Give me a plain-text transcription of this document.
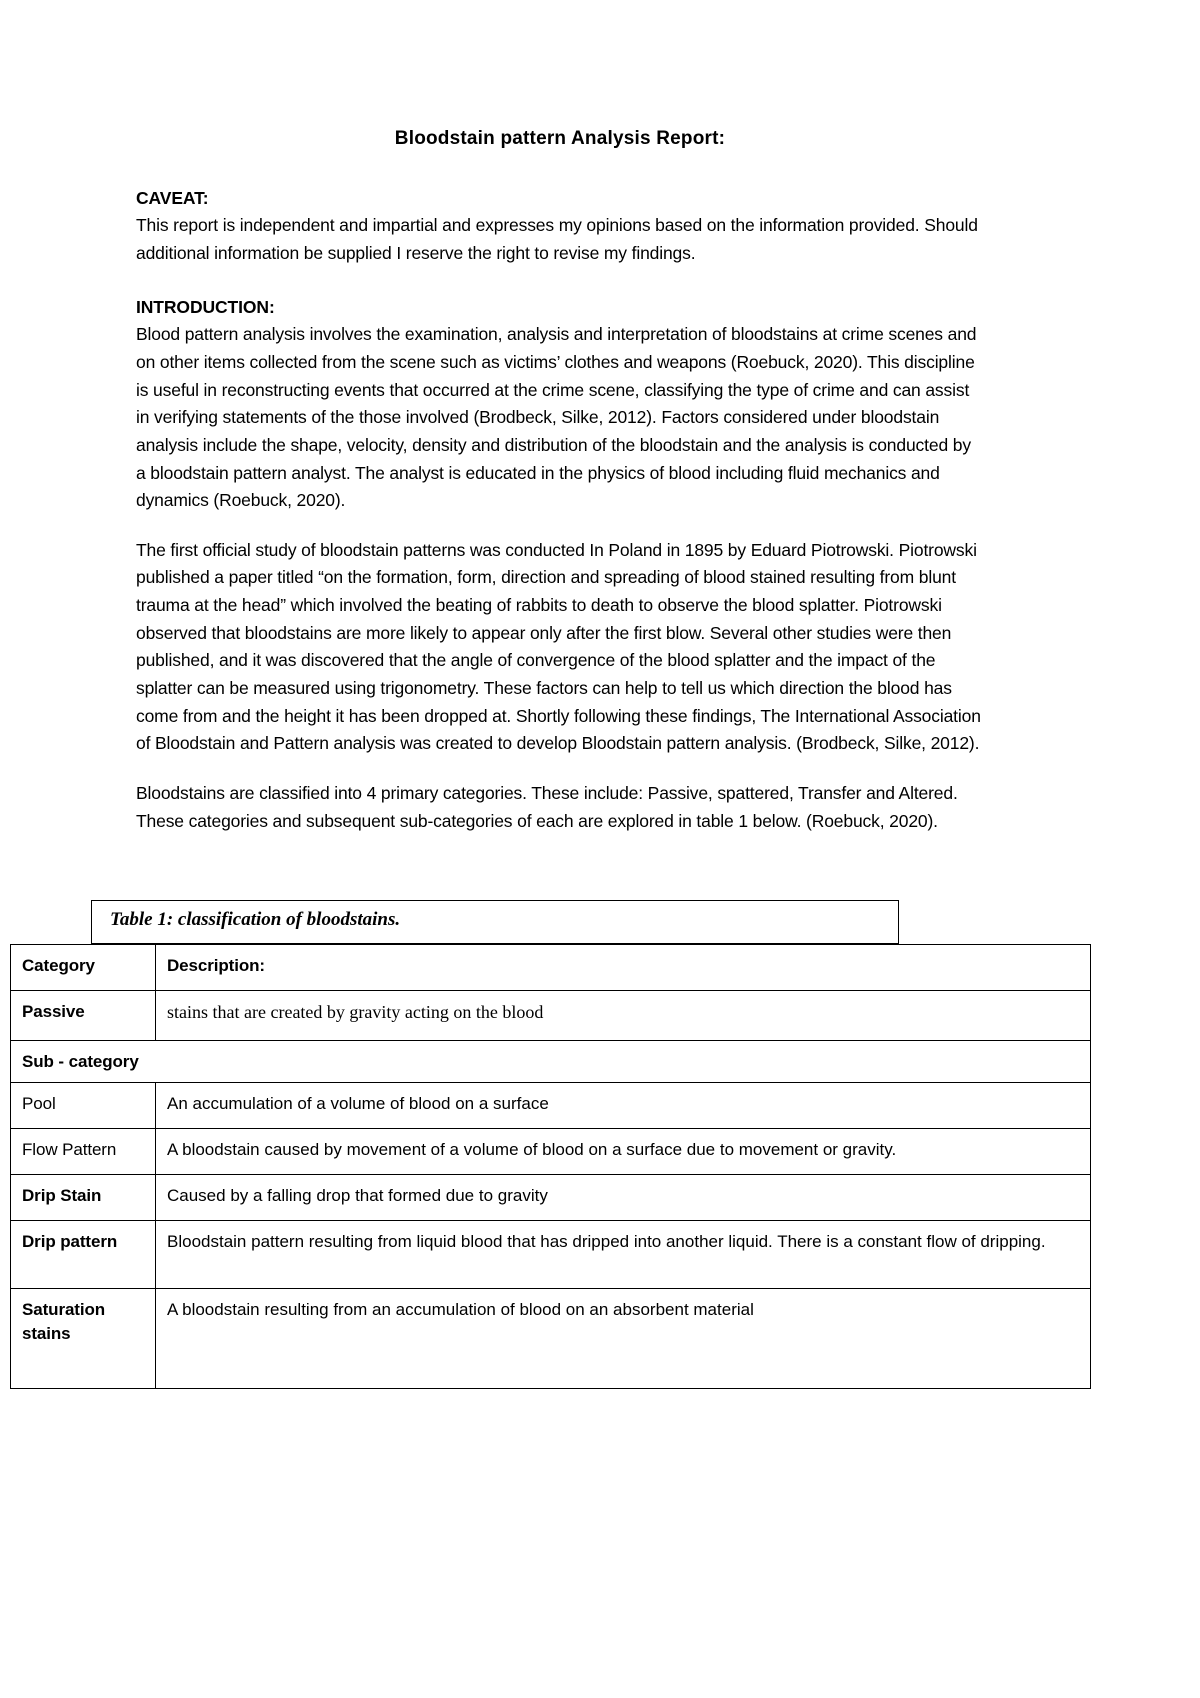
Bloodstain pattern Analysis Report:
CAVEAT:
This report is independent and impartial and expresses my opinions based on the information provided. Should additional information be supplied I reserve the right to revise my findings.
INTRODUCTION:
Blood pattern analysis involves the examination, analysis and interpretation of bloodstains at crime scenes and on other items collected from the scene such as victims’ clothes and weapons (Roebuck, 2020). This discipline is useful in reconstructing events that occurred at the crime scene, classifying the type of crime and can assist in verifying statements of the those involved (Brodbeck, Silke, 2012). Factors considered under bloodstain analysis include the shape, velocity, density and distribution of the bloodstain and the analysis is conducted by a bloodstain pattern analyst. The analyst is educated in the physics of blood including fluid mechanics and dynamics (Roebuck, 2020).
The first official study of bloodstain patterns was conducted In Poland in 1895 by Eduard Piotrowski. Piotrowski published a paper titled “on the formation, form, direction and spreading of blood stained resulting from blunt trauma at the head” which involved the beating of rabbits to death to observe the blood splatter. Piotrowski observed that bloodstains are more likely to appear only after the first blow. Several other studies were then published, and it was discovered that the angle of convergence of the blood splatter and the impact of the splatter can be measured using trigonometry. These factors can help to tell us which direction the blood has come from and the height it has been dropped at. Shortly following these findings, The International Association of Bloodstain and Pattern analysis was created to develop Bloodstain pattern analysis. (Brodbeck, Silke, 2012).
Bloodstains are classified into 4 primary categories. These include: Passive, spattered, Transfer and Altered. These categories and subsequent sub-categories of each are explored in table 1 below. (Roebuck, 2020).
Table 1: classification of bloodstains.
Category	Description:
Passive	stains that are created by gravity acting on the blood
Sub - category	
Pool	An accumulation of a volume of blood on a surface
Flow Pattern	A bloodstain caused by movement of a volume of blood on a surface due to movement or gravity.
Drip Stain	Caused by a falling drop that formed due to gravity
Drip pattern	Bloodstain pattern resulting from liquid blood that has dripped into another liquid. There is a constant flow of dripping.
Saturation stains	A bloodstain resulting from an accumulation of blood on an absorbent material
